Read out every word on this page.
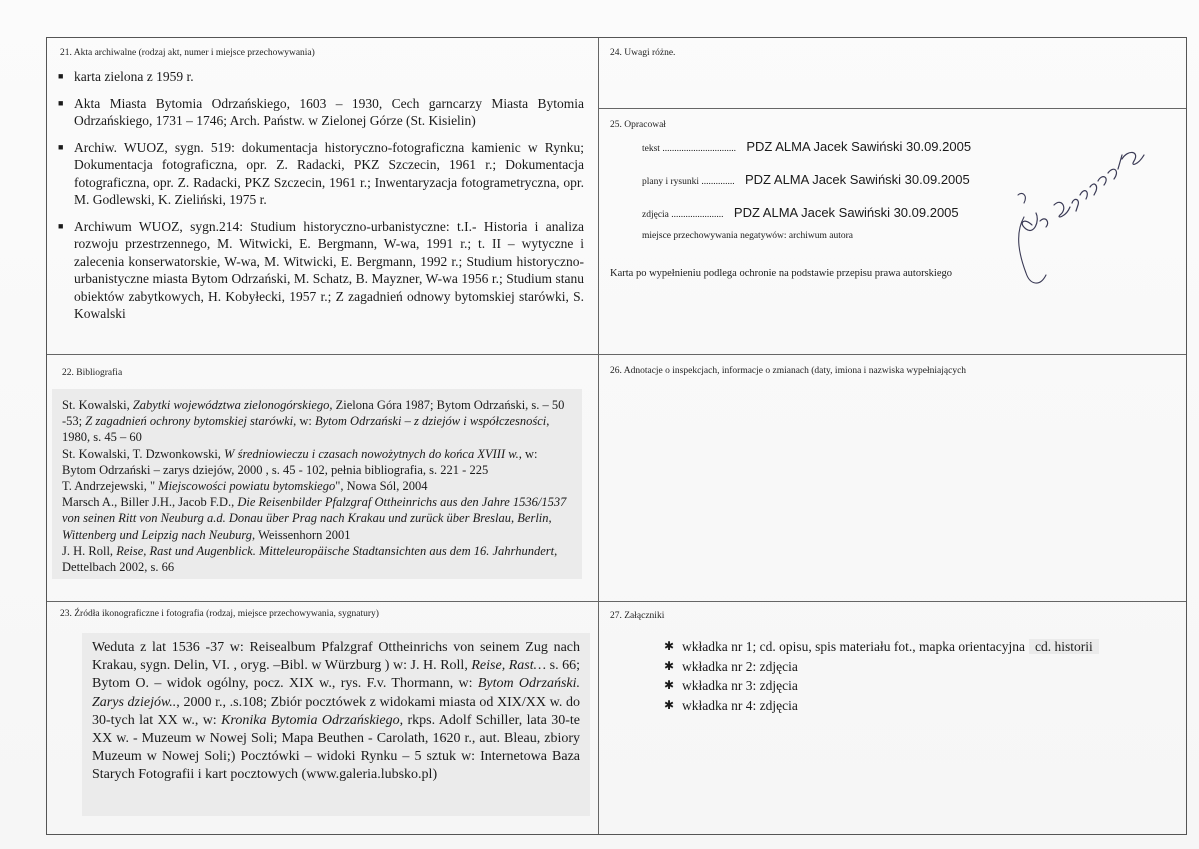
21. Akta archiwalne (rodzaj akt, numer i miejsce przechowywania)
■ karta zielona z 1959 r.
■ Akta Miasta Bytomia Odrzańskiego, 1603 – 1930, Cech garncarzy Miasta Bytomia Odrzańskiego, 1731 – 1746; Arch. Państw. w Zielonej Górze (St. Kisielin)
■ Archiw. WUOZ, sygn. 519: dokumentacja historyczno-fotograficzna kamienic w Rynku; Dokumentacja fotograficzna, opr. Z. Radacki, PKZ Szczecin, 1961 r.; Dokumentacja fotograficzna, opr. Z. Radacki, PKZ Szczecin, 1961 r.; Inwentaryzacja fotogrametryczna, opr. M. Godlewski, K. Zieliński, 1975 r.
■ Archiwum WUOZ, sygn.214: Studium historyczno-urbanistyczne: t.I.- Historia i analiza rozwoju przestrzennego, M. Witwicki, E. Bergmann, W-wa, 1991 r.; t. II – wytyczne i zalecenia konserwatorskie, W-wa, M. Witwicki, E. Bergmann, 1992 r.; Studium historyczno-urbanistyczne miasta Bytom Odrzański, M. Schatz, B. Mayzner, W-wa 1956 r.; Studium stanu obiektów zabytkowych, H. Kobyłecki, 1957 r.; Z zagadnień odnowy bytomskiej starówki, S. Kowalski
22. Bibliografia

St. Kowalski, Zabytki województwa zielonogórskiego, Zielona Góra 1987; Bytom Odrzański, s. – 50 -53; Z zagadnień ochrony bytomskiej starówki, w: Bytom Odrzański – z dziejów i współczesności, 1980, s. 45 – 60

St. Kowalski, T. Dzwonkowski, W średniowieczu i czasach nowożytnych do końca XVIII w., w: Bytom Odrzański – zarys dziejów, 2000 , s. 45 - 102, pełnia bibliografia, s. 221 - 225

T. Andrzejewski, " Miejscowości powiatu bytomskiego", Nowa Sól, 2004

Marsch A., Biller J.H., Jacob F.D., Die Reisenbilder Pfalzgraf Ottheinrichs aus den Jahre 1536/1537 von seinen Ritt von Neuburg a.d. Donau über Prag nach Krakau und zurück über Breslau, Berlin, Wittenberg und Leipzig nach Neuburg, Weissenhorn 2001

J. H. Roll, Reise, Rast und Augenblick. Mitteleuropäische Stadtansichten aus dem 16. Jahrhundert, Dettelbach 2002, s. 66

23. Źródła ikonograficzne i fotografia (rodzaj, miejsce przechowywania, sygnatury)

Weduta z lat 1536 -37 w: Reisealbum Pfalzgraf Ottheinrichs von seinem Zug nach Krakau, sygn. Delin, VI. , oryg. –Bibl. w Würzburg ) w: J. H. Roll, Reise, Rast… s. 66; Bytom O. – widok ogólny, pocz. XIX w., rys. F.v. Thormann, w: Bytom Odrzański. Zarys dziejów.., 2000 r., .s.108; Zbiór pocztówek z widokami miasta od XIX/XX w. do 30-tych lat XX w., w: Kronika Bytomia Odrzańskiego, rkps. Adolf Schiller, lata 30-te XX w. - Muzeum w Nowej Soli; Mapa Beuthen - Carolath, 1620 r., aut. Bleau, zbiory Muzeum w Nowej Soli;) Pocztówki – widoki Rynku – 5 sztuk w: Internetowa Baza Starych Fotografii i kart pocztowych (www.galeria.lubsko.pl)

24. Uwagi różne.
25. Opracował
tekst ............................... PDZ ALMA Jacek Sawiński 30.09.2005
plany i rysunki .............. PDZ ALMA Jacek Sawiński 30.09.2005
zdjęcia ...................... PDZ ALMA Jacek Sawiński 30.09.2005
miejsce przechowywania negatywów: archiwum autora
Karta po wypełnieniu podlega ochronie na podstawie przepisu prawa autorskiego
26. Adnotacje o inspekcjach, informacje o zmianach (daty, imiona i nazwiska wypełniających
27. Załączniki
✱ wkładka nr 1; cd. opisu, spis materiału fot., mapka orientacyjna cd. historii
✱ wkładka nr 2: zdjęcia
✱ wkładka nr 3: zdjęcia
✱ wkładka nr 4: zdjęcia
